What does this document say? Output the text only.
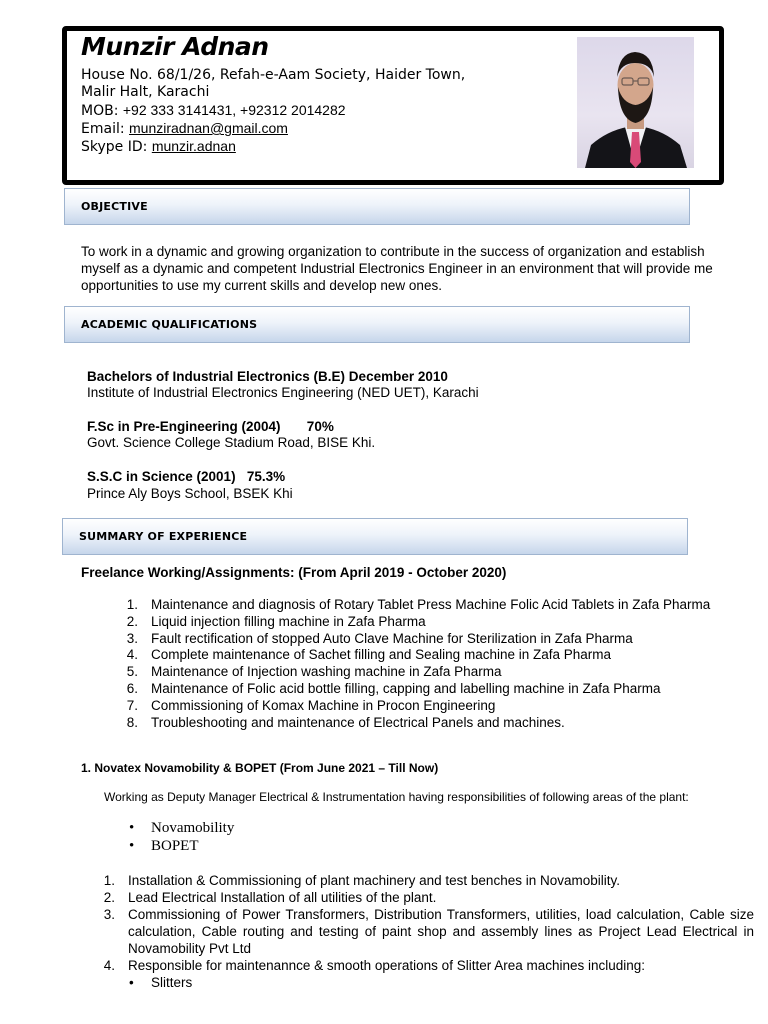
Munzir Adnan
House No. 68/1/26, Refah-e-Aam Society, Haider Town,
Malir Halt, Karachi
MOB: +92 333 3141431, +92312 2014282
Email: munziradnan@gmail.com
Skype ID: munzir.adnan
OBJECTIVE
To work in a dynamic and growing organization to contribute in the success of organization and establish
myself as a dynamic and competent Industrial Electronics Engineer in an environment that will provide me
opportunities to use my current skills and develop new ones.
ACADEMIC QUALIFICATIONS
Bachelors of Industrial Electronics (B.E) December 2010
Institute of Industrial Electronics Engineering (NED UET), Karachi
F.Sc in Pre-Engineering (2004)       70%
Govt. Science College Stadium Road, BISE Khi.
S.S.C in Science (2001)   75.3%
Prince Aly Boys School, BSEK Khi
SUMMARY OF EXPERIENCE
Freelance Working/Assignments: (From April 2019 - October 2020)
1. Maintenance and diagnosis of Rotary Tablet Press Machine Folic Acid Tablets in Zafa Pharma
2. Liquid injection filling machine in Zafa Pharma
3. Fault rectification of stopped Auto Clave Machine for Sterilization in Zafa Pharma
4. Complete maintenance of Sachet filling and Sealing machine in Zafa Pharma
5. Maintenance of Injection washing machine in Zafa Pharma
6. Maintenance of Folic acid bottle filling, capping and labelling machine in Zafa Pharma
7. Commissioning of Komax Machine in Procon Engineering
8. Troubleshooting and maintenance of Electrical Panels and machines.
1. Novatex Novamobility & BOPET (From June 2021 – Till Now)
Working as Deputy Manager Electrical & Instrumentation having responsibilities of following areas of the plant:
• Novamobility
• BOPET
1. Installation & Commissioning of plant machinery and test benches in Novamobility.
2. Lead Electrical Installation of all utilities of the plant.
3. Commissioning of Power Transformers, Distribution Transformers, utilities, load calculation, Cable size calculation, Cable routing and testing of paint shop and assembly lines as Project Lead Electrical in Novamobility Pvt Ltd
4. Responsible for maintenannce & smooth operations of Slitter Area machines including:
• Slitters
